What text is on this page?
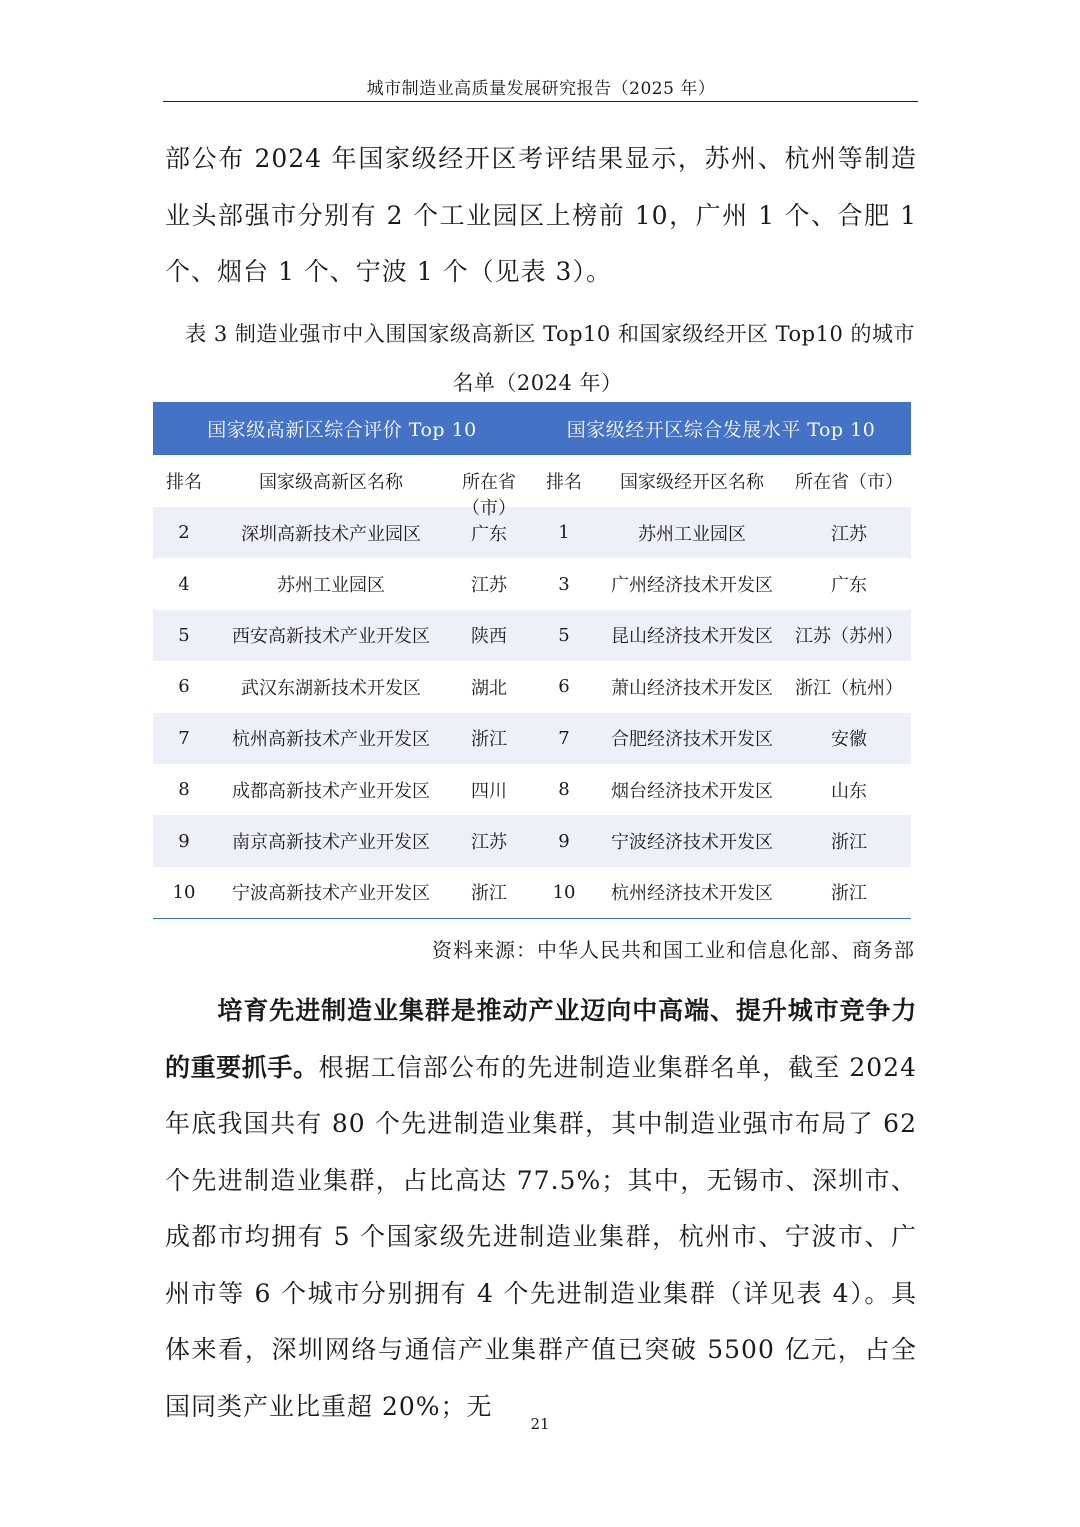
城市制造业高质量发展研究报告（2025 年）

部公布 2024 年国家级经开区考评结果显示，苏州、杭州等制造业头部强市分别有 2 个工业园区上榜前 10，广州 1 个、合肥 1 个、烟台 1 个、宁波 1 个（见表 3）。

表 3 制造业强市中入围国家级高新区 Top10 和国家级经开区 Top10 的城市
名单（2024 年）
国家级高新区综合评价 Top 10			国家级经开区综合发展水平 Top 10		
排名	国家级高新区名称	所在省（市）	排名	国家级经开区名称	所在省（市）
2	深圳高新技术产业园区	广东	1	苏州工业园区	江苏
4	苏州工业园区	江苏	3	广州经济技术开发区	广东
5	西安高新技术产业开发区	陕西	5	昆山经济技术开发区	江苏（苏州）
6	武汉东湖新技术开发区	湖北	6	萧山经济技术开发区	浙江（杭州）
7	杭州高新技术产业开发区	浙江	7	合肥经济技术开发区	安徽
8	成都高新技术产业开发区	四川	8	烟台经济技术开发区	山东
9	南京高新技术产业开发区	江苏	9	宁波经济技术开发区	浙江
10	宁波高新技术产业开发区	浙江	10	杭州经济技术开发区	浙江
资料来源：中华人民共和国工业和信息化部、商务部

培育先进制造业集群是推动产业迈向中高端、提升城市竞争力的重要抓手。根据工信部公布的先进制造业集群名单，截至 2024 年底我国共有 80 个先进制造业集群，其中制造业强市布局了 62 个先进制造业集群，占比高达 77.5%；其中，无锡市、深圳市、成都市均拥有 5 个国家级先进制造业集群，杭州市、宁波市、广州市等 6 个城市分别拥有 4 个先进制造业集群（详见表 4）。具体来看，深圳网络与通信产业集群产值已突破 5500 亿元，占全国同类产业比重超 20%；无

21
